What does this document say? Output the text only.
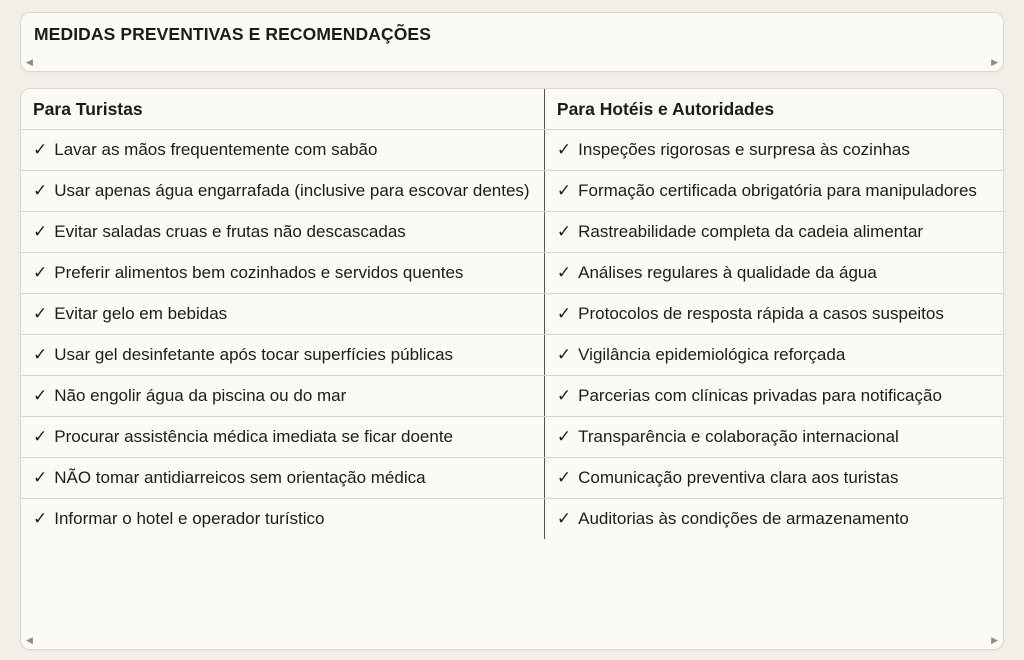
MEDIDAS PREVENTIVAS E RECOMENDAÇÕES
◀	▶
Para Turistas	Para Hotéis e Autoridades
✓ Lavar as mãos frequentemente com sabão	✓ Inspeções rigorosas e surpresa às cozinhas
✓ Usar apenas água engarrafada (inclusive para escovar dentes)	✓ Formação certificada obrigatória para manipuladores
✓ Evitar saladas cruas e frutas não descascadas	✓ Rastreabilidade completa da cadeia alimentar
✓ Preferir alimentos bem cozinhados e servidos quentes	✓ Análises regulares à qualidade da água
✓ Evitar gelo em bebidas	✓ Protocolos de resposta rápida a casos suspeitos
✓ Usar gel desinfetante após tocar superfícies públicas	✓ Vigilância epidemiológica reforçada
✓ Não engolir água da piscina ou do mar	✓ Parcerias com clínicas privadas para notificação
✓ Procurar assistência médica imediata se ficar doente	✓ Transparência e colaboração internacional
✓ NÃO tomar antidiarreicos sem orientação médica	✓ Comunicação preventiva clara aos turistas
✓ Informar o hotel e operador turístico	✓ Auditorias às condições de armazenamento
◀	▶
